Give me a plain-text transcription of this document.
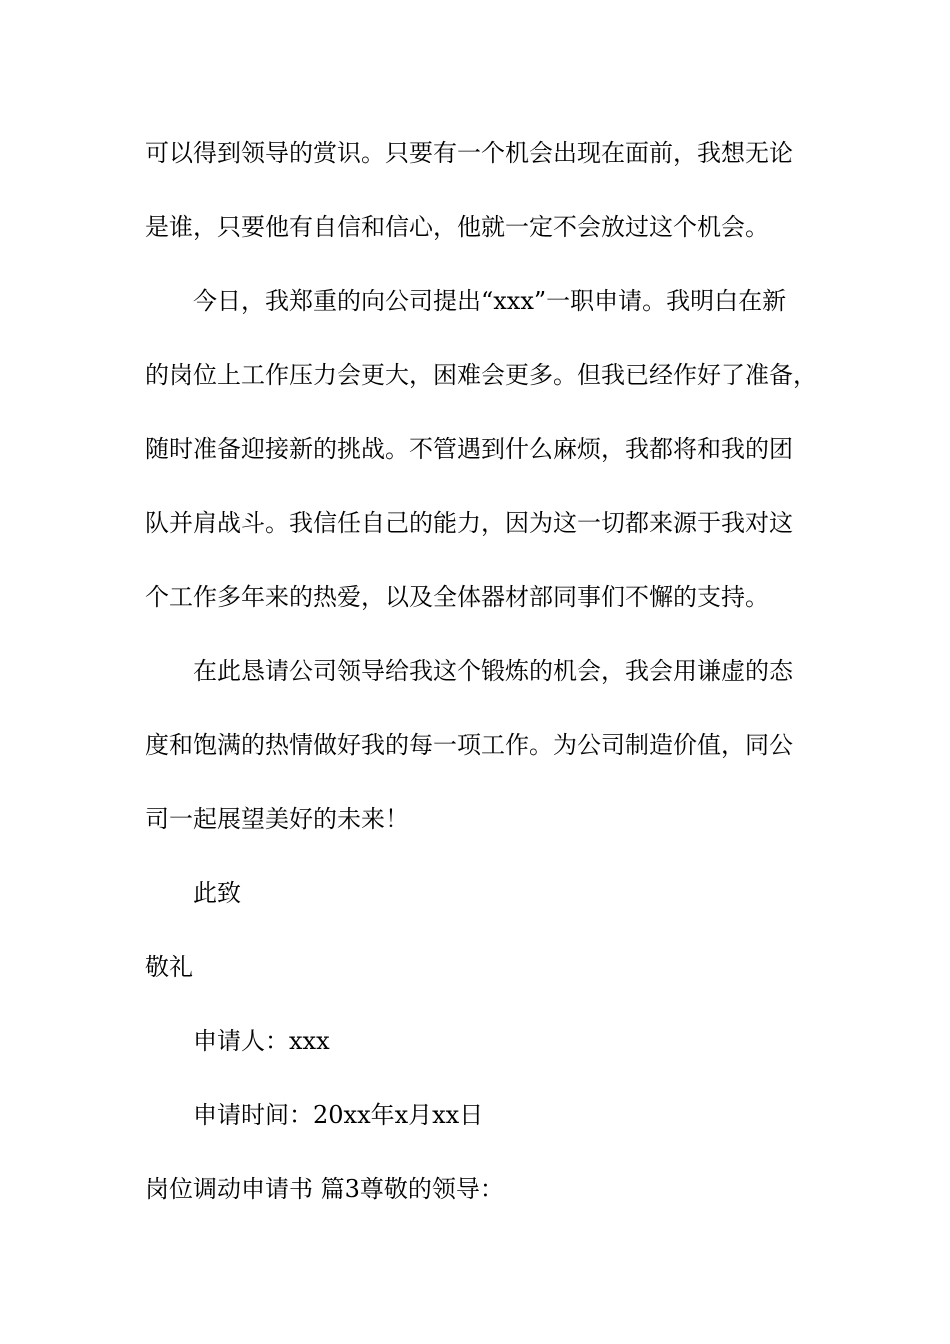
可以得到领导的赏识。只要有一个机会出现在面前，我想无论

是谁，只要他有自信和信心，他就一定不会放过这个机会。

今日，我郑重的向公司提出“xxx”一职申请。我明白在新

的岗位上工作压力会更大，困难会更多。但我已经作好了准备，

随时准备迎接新的挑战。不管遇到什么麻烦，我都将和我的团

队并肩战斗。我信任自己的能力，因为这一切都来源于我对这

个工作多年来的热爱，以及全体器材部同事们不懈的支持。

在此恳请公司领导给我这个锻炼的机会，我会用谦虚的态

度和饱满的热情做好我的每一项工作。为公司制造价值，同公

司一起展望美好的未来！

此致

敬礼

申请人：xxx

申请时间：20xx年x月xx日

岗位调动申请书 篇3尊敬的领导：
